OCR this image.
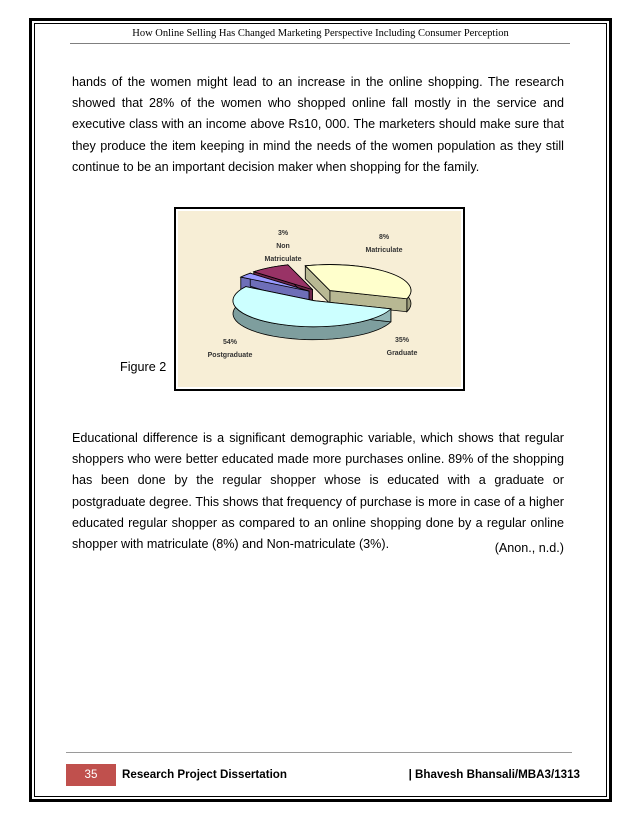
How Online Selling Has Changed Marketing Perspective Including Consumer Perception
hands of the women might lead to an increase in the online shopping. The research showed that 28% of the women who shopped online fall mostly in the service and executive class with an income above Rs10, 000. The marketers should make sure that they produce the item keeping in mind the needs of the women population as they still continue to be an important decision maker when shopping for the family.
3%
Non
Matriculate
8%
Matriculate
35%
Graduate
54%
Postgraduate
Figure 2
Educational difference is a significant demographic variable, which shows that regular shoppers who were better educated made more purchases online. 89% of the shopping has been done by the regular shopper whose is educated with a graduate or postgraduate degree. This shows that frequency of purchase is more in case of a higher educated regular shopper as compared to an online shopping done by a regular online shopper with matriculate (8%) and Non-matriculate (3%).	(Anon., n.d.)
35	Research Project Dissertation	| Bhavesh Bhansali/MBA3/1313
